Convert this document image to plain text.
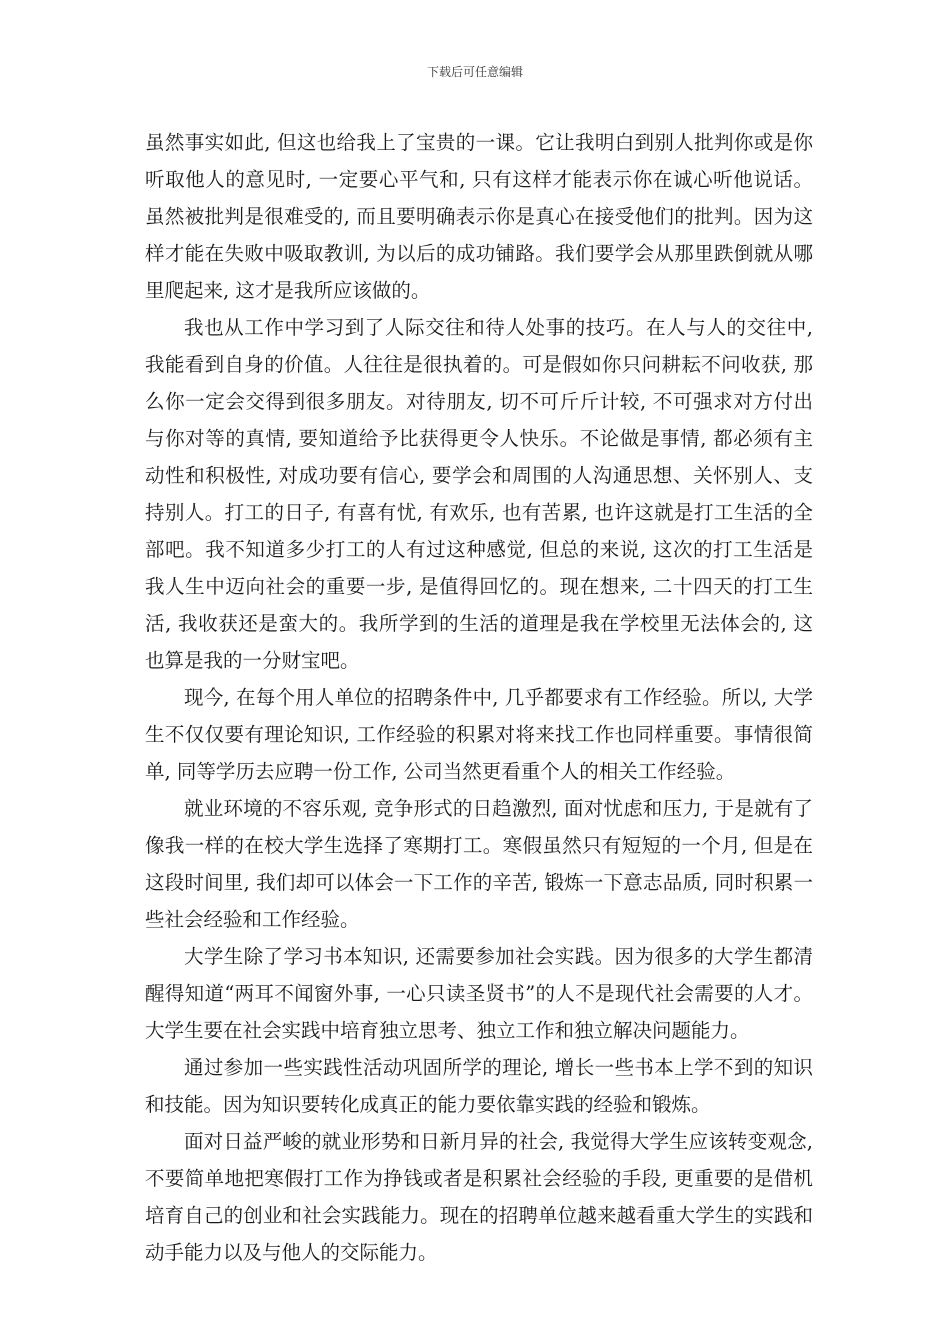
下载后可任意编辑

虽然事实如此, 但这也给我上了宝贵的一课。它让我明白到别人批判你或是你听取他人的意见时, 一定要心平气和, 只有这样才能表示你在诚心听他说话。虽然被批判是很难受的, 而且要明确表示你是真心在接受他们的批判。因为这样才能在失败中吸取教训, 为以后的成功铺路。我们要学会从那里跌倒就从哪里爬起来, 这才是我所应该做的。

我也从工作中学习到了人际交往和待人处事的技巧。在人与人的交往中, 我能看到自身的价值。人往往是很执着的。可是假如你只问耕耘不问收获, 那么你一定会交得到很多朋友。对待朋友, 切不可斤斤计较, 不可强求对方付出与你对等的真情, 要知道给予比获得更令人快乐。不论做是事情, 都必须有主动性和积极性, 对成功要有信心, 要学会和周围的人沟通思想、关怀别人、支持别人。打工的日子, 有喜有忧, 有欢乐, 也有苦累, 也许这就是打工生活的全部吧。我不知道多少打工的人有过这种感觉, 但总的来说, 这次的打工生活是我人生中迈向社会的重要一步, 是值得回忆的。现在想来, 二十四天的打工生活, 我收获还是蛮大的。我所学到的生活的道理是我在学校里无法体会的, 这也算是我的一分财宝吧。

现今, 在每个用人单位的招聘条件中, 几乎都要求有工作经验。所以, 大学生不仅仅要有理论知识, 工作经验的积累对将来找工作也同样重要。事情很简单, 同等学历去应聘一份工作, 公司当然更看重个人的相关工作经验。

就业环境的不容乐观, 竞争形式的日趋激烈, 面对忧虑和压力, 于是就有了像我一样的在校大学生选择了寒期打工。寒假虽然只有短短的一个月, 但是在这段时间里, 我们却可以体会一下工作的辛苦, 锻炼一下意志品质, 同时积累一些社会经验和工作经验。

大学生除了学习书本知识, 还需要参加社会实践。因为很多的大学生都清醒得知道“两耳不闻窗外事, 一心只读圣贤书”的人不是现代社会需要的人才。大学生要在社会实践中培育独立思考、独立工作和独立解决问题能力。

通过参加一些实践性活动巩固所学的理论, 增长一些书本上学不到的知识和技能。因为知识要转化成真正的能力要依靠实践的经验和锻炼。

面对日益严峻的就业形势和日新月异的社会, 我觉得大学生应该转变观念, 不要简单地把寒假打工作为挣钱或者是积累社会经验的手段, 更重要的是借机培育自己的创业和社会实践能力。现在的招聘单位越来越看重大学生的实践和动手能力以及与他人的交际能力。
